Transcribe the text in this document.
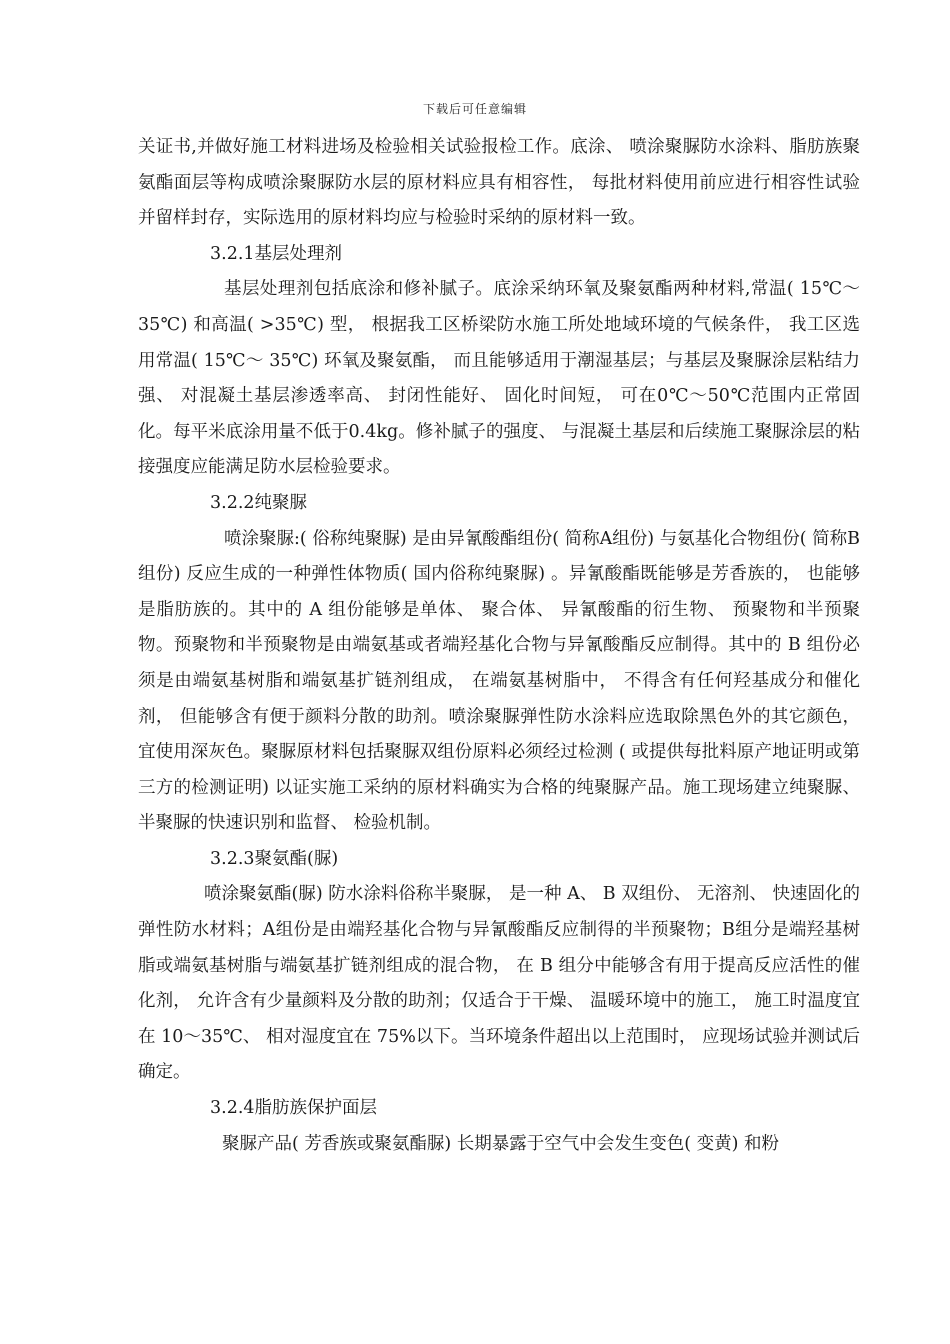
下载后可任意编辑

关证书,并做好施工材料进场及检验相关试验报检工作。底涂、 喷涂聚脲防水涂料、脂肪族聚氨酯面层等构成喷涂聚脲防水层的原材料应具有相容性， 每批材料使用前应进行相容性试验并留样封存，实际选用的原材料均应与检验时采纳的原材料一致。

3.2.1基层处理剂

基层处理剂包括底涂和修补腻子。底涂采纳环氧及聚氨酯两种材料,常温( 15℃～ 35℃) 和高温( >35℃) 型， 根据我工区桥梁防水施工所处地域环境的气候条件， 我工区选用常温( 15℃～ 35℃) 环氧及聚氨酯， 而且能够适用于潮湿基层；与基层及聚脲涂层粘结力强、 对混凝土基层渗透率高、 封闭性能好、 固化时间短， 可在0℃～50℃范围内正常固化。每平米底涂用量不低于0.4kg。修补腻子的强度、 与混凝土基层和后续施工聚脲涂层的粘接强度应能满足防水层检验要求。

3.2.2纯聚脲

喷涂聚脲:( 俗称纯聚脲) 是由异氰酸酯组份( 简称A组份) 与氨基化合物组份( 简称B组份) 反应生成的一种弹性体物质( 国内俗称纯聚脲) 。异氰酸酯既能够是芳香族的， 也能够是脂肪族的。其中的 A 组份能够是单体、 聚合体、 异氰酸酯的衍生物、 预聚物和半预聚物。预聚物和半预聚物是由端氨基或者端羟基化合物与异氰酸酯反应制得。其中的 B 组份必须是由端氨基树脂和端氨基扩链剂组成， 在端氨基树脂中， 不得含有任何羟基成分和催化剂， 但能够含有便于颜料分散的助剂。喷涂聚脲弹性防水涂料应选取除黑色外的其它颜色， 宜使用深灰色。聚脲原材料包括聚脲双组份原料必须经过检测 ( 或提供每批料原产地证明或第三方的检测证明) 以证实施工采纳的原材料确实为合格的纯聚脲产品。施工现场建立纯聚脲、 半聚脲的快速识别和监督、 检验机制。

3.2.3聚氨酯(脲)

喷涂聚氨酯(脲) 防水涂料俗称半聚脲， 是一种 A、 B 双组份、 无溶剂、 快速固化的弹性防水材料；A组份是由端羟基化合物与异氰酸酯反应制得的半预聚物；B组分是端羟基树脂或端氨基树脂与端氨基扩链剂组成的混合物， 在 B 组分中能够含有用于提高反应活性的催化剂， 允许含有少量颜料及分散的助剂；仅适合于干燥、 温暖环境中的施工， 施工时温度宜在 10～35℃、 相对湿度宜在 75%以下。当环境条件超出以上范围时， 应现场试验并测试后确定。

3.2.4脂肪族保护面层

聚脲产品( 芳香族或聚氨酯脲) 长期暴露于空气中会发生变色( 变黄) 和粉
